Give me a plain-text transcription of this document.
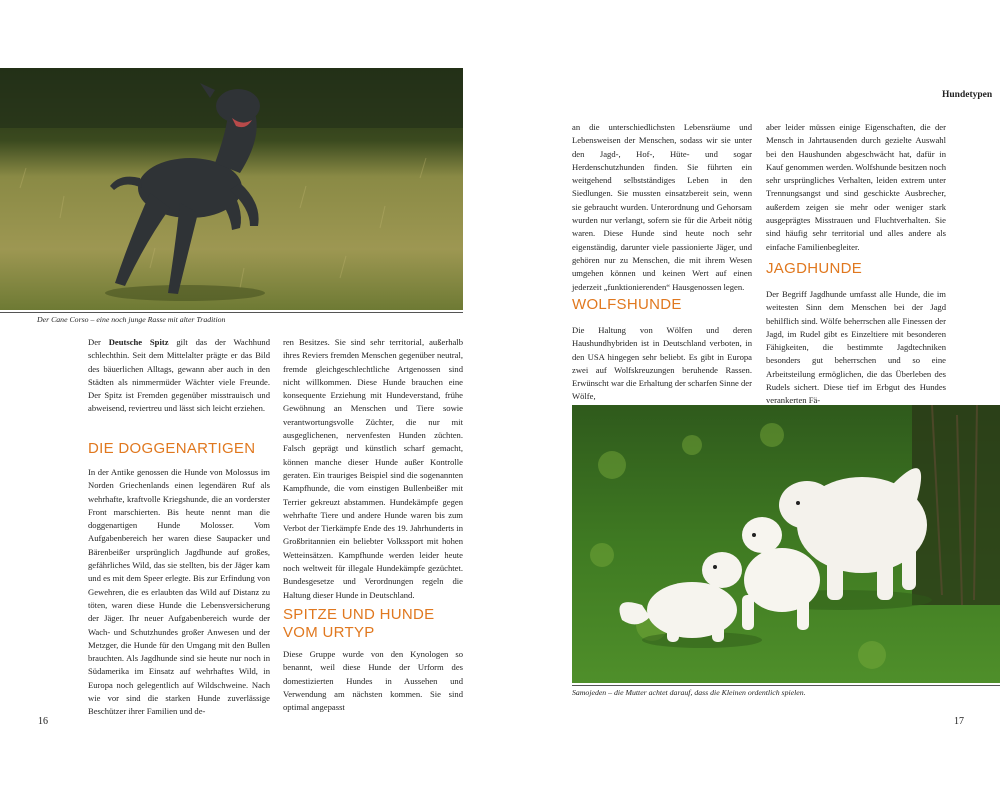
Hundetypen
Der Cane Corso – eine noch junge Rasse mit alter Tradition

Der Deutsche Spitz gilt das der Wachhund schlechthin. Seit dem Mittelalter prägte er das Bild des bäuerlichen Alltags, gewann aber auch in den Städten als nimmermüder Wächter viele Freunde. Der Spitz ist Fremden gegenüber misstrauisch und abweisend, reviertreu und lässt sich leicht erziehen.

DIE DOGGENARTIGEN

In der Antike genossen die Hunde von Molossus im Norden Griechenlands einen legendären Ruf als wehrhafte, kraftvolle Kriegshunde, die an vorderster Front marschierten. Bis heute nennt man die doggenartigen Hunde Molosser. Vom Aufgabenbereich her waren diese Saupacker und Bärenbeißer ursprünglich Jagdhunde auf großes, gefährliches Wild, das sie stellten, bis der Jäger kam und es mit dem Speer erlegte. Bis zur Erfindung von Gewehren, die es erlaubten das Wild auf Distanz zu töten, waren diese Hunde die Lebensversicherung der Jäger. Ihr neuer Aufgabenbereich wurde der Wach- und Schutzhundes großer Anwesen und der Metzger, die Hunde für den Umgang mit den Bullen brauchten. Als Jagdhunde sind sie heute nur noch in Südamerika im Einsatz auf wehrhaftes Wild, in Europa noch gelegentlich auf Wildschweine. Nach wie vor sind die starken Hunde zuverlässige Beschützer ihrer Familien und de-

ren Besitzes. Sie sind sehr territorial, außerhalb ihres Reviers fremden Menschen gegenüber neutral, fremde gleichgeschlechtliche Artgenossen sind nicht willkommen. Diese Hunde brauchen eine konsequente Erziehung mit Hundeverstand, frühe Gewöhnung an Menschen und Tiere sowie verantwortungsvolle Züchter, die nur mit ausgeglichenen, nervenfesten Hunden züchten. Falsch geprägt und künstlich scharf gemacht, können manche dieser Hunde außer Kontrolle geraten. Ein trauriges Beispiel sind die sogenannten Kampfhunde, die vom einstigen Bullenbeißer mit Terrier gekreuzt abstammen. Hundekämpfe gegen wehrhafte Tiere und andere Hunde waren bis zum Verbot der Tierkämpfe Ende des 19. Jahrhunderts in Großbritannien ein beliebter Volkssport mit hohen Wetteinsätzen. Kampfhunde werden leider heute noch weltweit für illegale Hundekämpfe gezüchtet. Bundesgesetze und Verordnungen regeln die Haltung dieser Hunde in Deutschland.

SPITZE UND HUNDE VOM URTYP

Diese Gruppe wurde von den Kynologen so benannt, weil diese Hunde der Urform des domestizierten Hundes in Aussehen und Verwendung am nächsten kommen. Sie sind optimal angepasst

16

an die unterschiedlichsten Lebensräume und Lebensweisen der Menschen, sodass wir sie unter den Jagd-, Hof-, Hüte- und sogar Herdenschutzhunden finden. Sie führten ein weitgehend selbstständiges Leben in den Siedlungen. Sie mussten einsatzbereit sein, wenn sie gebraucht wurden. Unterordnung und Gehorsam wurden nur verlangt, sofern sie für die Arbeit nötig waren. Diese Hunde sind heute noch sehr eigenständig, darunter viele passionierte Jäger, und gehören nur zu Menschen, die mit ihrem Wesen umgehen können und keinen Wert auf einen jederzeit „funktionierenden“ Hausgenossen legen.

WOLFSHUNDE

Die Haltung von Wölfen und deren Haushundhybriden ist in Deutschland verboten, in den USA hingegen sehr beliebt. Es gibt in Europa zwei auf Wolfskreuzungen beruhende Rassen. Erwünscht war die Erhaltung der scharfen Sinne der Wölfe,

aber leider müssen einige Eigenschaften, die der Mensch in Jahrtausenden durch gezielte Auswahl bei den Haushunden abgeschwächt hat, dafür in Kauf genommen werden. Wolfshunde besitzen noch sehr ursprüngliches Verhalten, leiden extrem unter Trennungsangst und sind geschickte Ausbrecher, außerdem zeigen sie mehr oder weniger stark ausgeprägtes Misstrauen und Fluchtverhalten. Sie sind häufig sehr territorial und alles andere als einfache Familienbegleiter.

JAGDHUNDE

Der Begriff Jagdhunde umfasst alle Hunde, die im weitesten Sinn dem Menschen bei der Jagd behilflich sind. Wölfe beherrschen alle Finessen der Jagd, im Rudel gibt es Einzeltiere mit besonderen Fähigkeiten, die bestimmte Jagdtechniken besonders gut beherrschen und so eine Arbeitsteilung ermöglichen, die das Überleben des Rudels sichert. Diese tief im Erbgut des Hundes verankerten Fä-

Samojeden – die Mutter achtet darauf, dass die Kleinen ordentlich spielen.
17
